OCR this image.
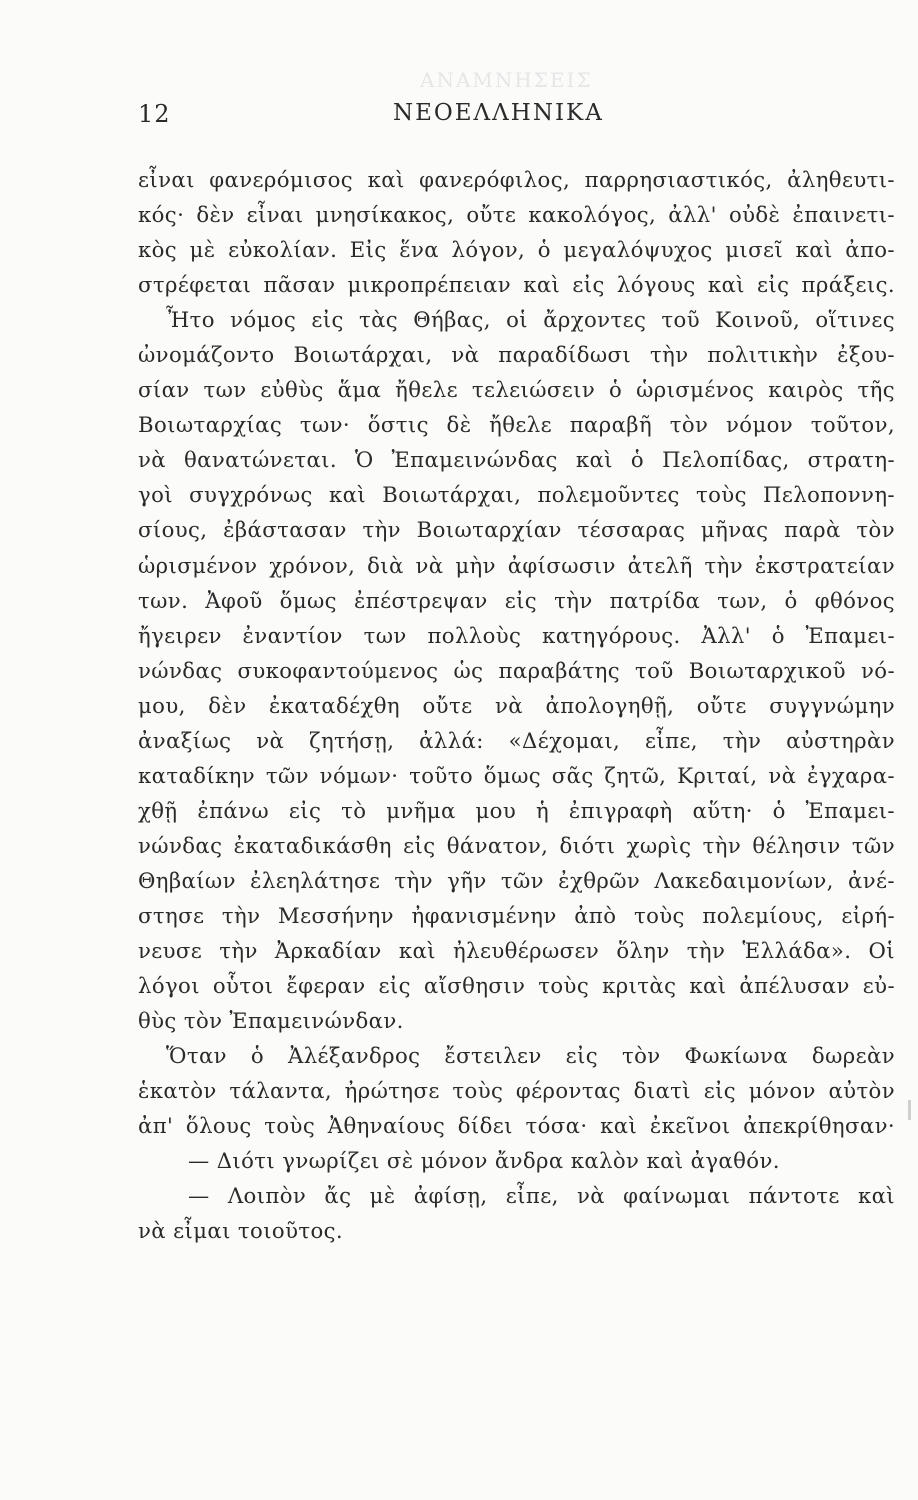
ΑΝΑΜΝΗΣΕΙΣ
12	ΝΕΟΕΛΛΗΝΙΚΑ
εἶναι φανερόμισος καὶ φανερόφιλος, παρρησιαστικός, ἀληθευτι-
κός· δὲν εἶναι μνησίκακος, οὔτε κακολόγος, ἀλλ' οὐδὲ ἐπαινετι-
κὸς μὲ εὐκολίαν. Εἰς ἕνα λόγον, ὁ μεγαλόψυχος μισεῖ καὶ ἀπο-
στρέφεται πᾶσαν μικροπρέπειαν καὶ εἰς λόγους καὶ εἰς πράξεις.
Ἦτο νόμος εἰς τὰς Θήβας, οἱ ἄρχοντες τοῦ Κοινοῦ, οἵτινες
ὠνομάζοντο Βοιωτάρχαι, νὰ παραδίδωσι τὴν πολιτικὴν ἐξου-
σίαν των εὐθὺς ἅμα ἤθελε τελειώσειν ὁ ὡρισμένος καιρὸς τῆς
Βοιωταρχίας των· ὅστις δὲ ἤθελε παραβῆ τὸν νόμον τοῦτον,
νὰ θανατώνεται. Ὁ Ἐπαμεινώνδας καὶ ὁ Πελοπίδας, στρατη-
γοὶ συγχρόνως καὶ Βοιωτάρχαι, πολεμοῦντες τοὺς Πελοποννη-
σίους, ἐβάστασαν τὴν Βοιωταρχίαν τέσσαρας μῆνας παρὰ τὸν
ὡρισμένον χρόνον, διὰ νὰ μὴν ἀφίσωσιν ἀτελῆ τὴν ἐκστρατείαν
των. Ἀφοῦ ὅμως ἐπέστρεψαν εἰς τὴν πατρίδα των, ὁ φθόνος
ἤγειρεν ἐναντίον των πολλοὺς κατηγόρους. Ἀλλ' ὁ Ἐπαμει-
νώνδας συκοφαντούμενος ὡς παραβάτης τοῦ Βοιωταρχικοῦ νό-
μου, δὲν ἐκαταδέχθη οὔτε νὰ ἀπολογηθῇ, οὔτε συγγνώμην
ἀναξίως νὰ ζητήσῃ, ἀλλά: «Δέχομαι, εἶπε, τὴν αὐστηρὰν
καταδίκην τῶν νόμων· τοῦτο ὅμως σᾶς ζητῶ, Κριταί, νὰ ἐγχαρα-
χθῇ ἐπάνω εἰς τὸ μνῆμα μου ἡ ἐπιγραφὴ αὕτη· ὁ Ἐπαμει-
νώνδας ἐκαταδικάσθη εἰς θάνατον, διότι χωρὶς τὴν θέλησιν τῶν
Θηβαίων ἐλεηλάτησε τὴν γῆν τῶν ἐχθρῶν Λακεδαιμονίων, ἀνέ-
στησε τὴν Μεσσήνην ἠφανισμένην ἀπὸ τοὺς πολεμίους, εἰρή-
νευσε τὴν Ἀρκαδίαν καὶ ἠλευθέρωσεν ὅλην τὴν Ἑλλάδα». Οἱ
λόγοι οὗτοι ἔφεραν εἰς αἴσθησιν τοὺς κριτὰς καὶ ἀπέλυσαν εὐ-
θὺς τὸν Ἐπαμεινώνδαν.
Ὅταν ὁ Ἀλέξανδρος ἔστειλεν εἰς τὸν Φωκίωνα δωρεὰν
ἑκατὸν τάλαντα, ἠρώτησε τοὺς φέροντας διατὶ εἰς μόνον αὐτὸν
ἀπ' ὅλους τοὺς Ἀθηναίους δίδει τόσα· καὶ ἐκεῖνοι ἀπεκρίθησαν·
— Διότι γνωρίζει σὲ μόνον ἄνδρα καλὸν καὶ ἀγαθόν.
— Λοιπὸν ἄς μὲ ἀφίσῃ, εἶπε, νὰ φαίνωμαι πάντοτε καὶ
νὰ εἶμαι τοιοῦτος.
